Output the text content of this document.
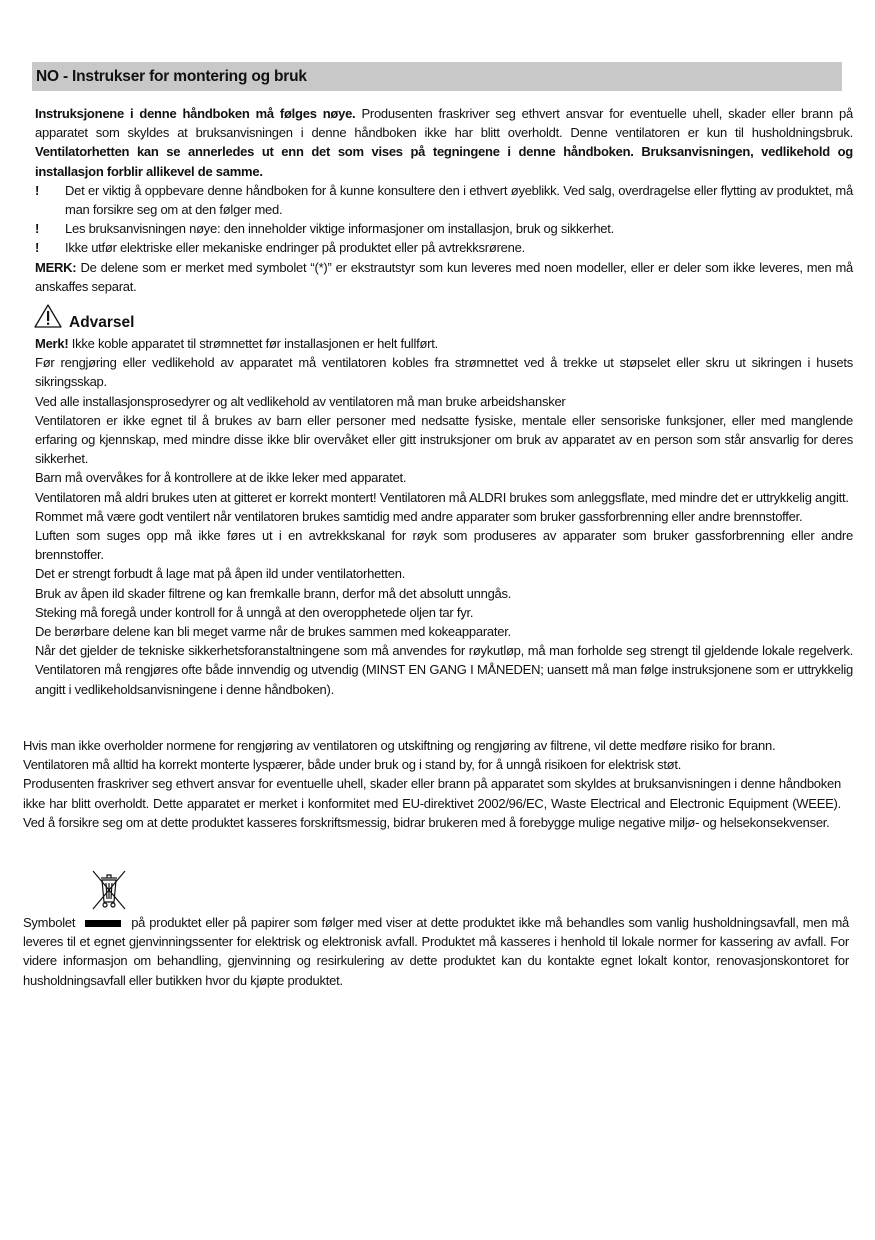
NO - Instrukser for montering og bruk

Instruksjonene i denne håndboken må følges nøye. Produsenten fraskriver seg ethvert ansvar for eventuelle uhell, skader eller brann på apparatet som skyldes at bruksanvisningen i denne håndboken ikke har blitt overholdt. Denne ventilatoren er kun til husholdningsbruk. Ventilatorhetten kan se annerledes ut enn det som vises på tegningene i denne håndboken. Bruksanvisningen, vedlikehold og installasjon forblir allikevel de samme.

!	Det er viktig å oppbevare denne håndboken for å kunne konsultere den i ethvert øyeblikk. Ved salg, overdragelse eller flytting av produktet, må man forsikre seg om at den følger med.
!	Les bruksanvisningen nøye: den inneholder viktige informasjoner om installasjon, bruk og sikkerhet.
!	Ikke utfør elektriske eller mekaniske endringer på produktet eller på avtrekksrørene.

MERK: De delene som er merket med symbolet “(*)” er ekstrautstyr som kun leveres med noen modeller, eller er deler som ikke leveres, men må anskaffes separat.

Advarsel

Merk! Ikke koble apparatet til strømnettet før installasjonen er helt fullført.

Før rengjøring eller vedlikehold av apparatet må ventilatoren kobles fra strømnettet ved å trekke ut støpselet eller skru ut sikringen i husets sikringsskap.

Ved alle installasjonsprosedyrer og alt vedlikehold av ventilatoren må man bruke arbeidshansker

Ventilatoren er ikke egnet til å brukes av barn eller personer med nedsatte fysiske, mentale eller sensoriske funksjoner, eller med manglende erfaring og kjennskap, med mindre disse ikke blir overvåket eller gitt instruksjoner om bruk av apparatet av en person som står ansvarlig for deres sikkerhet.

Barn må overvåkes for å kontrollere at de ikke leker med apparatet.

Ventilatoren må aldri brukes uten at gitteret er korrekt montert! Ventilatoren må ALDRI brukes som anleggsflate, med mindre det er uttrykkelig angitt.

Rommet må være godt ventilert når ventilatoren brukes samtidig med andre apparater som bruker gassforbrenning eller andre brennstoffer.

Luften som suges opp må ikke føres ut i en avtrekkskanal for røyk som produseres av apparater som bruker gassforbrenning eller andre brennstoffer.

Det er strengt forbudt å lage mat på åpen ild under ventilatorhetten.

Bruk av åpen ild skader filtrene og kan fremkalle brann, derfor må det absolutt unngås.

Steking må foregå under kontroll for å unngå at den overopphetede oljen tar fyr.

De berørbare delene kan bli meget varme når de brukes sammen med kokeapparater.

Når det gjelder de tekniske sikkerhetsforanstaltningene som må anvendes for røykutløp, må man forholde seg strengt til gjeldende lokale regelverk. Ventilatoren må rengjøres ofte både innvendig og utvendig (MINST EN GANG I MÅNEDEN; uansett må man følge instruksjonene som er uttrykkelig angitt i vedlikeholdsanvisningene i denne håndboken).

Hvis man ikke overholder normene for rengjøring av ventilatoren og utskiftning og rengjøring av filtrene, vil dette medføre risiko for brann.

Ventilatoren må alltid ha korrekt monterte lyspærer, både under bruk og i stand by, for å unngå risikoen for elektrisk støt.

Produsenten fraskriver seg ethvert ansvar for eventuelle uhell, skader eller brann på apparatet som skyldes at bruksanvisningen i denne håndboken ikke har blitt overholdt. Dette apparatet er merket i konformitet med EU-direktivet 2002/96/EC, Waste Electrical and Electronic Equipment (WEEE). Ved å forsikre seg om at dette produktet kasseres forskriftsmessig, bidrar brukeren med å forebygge mulige negative miljø- og helsekonsekvenser.

Symbolet	på produktet eller på papirer som følger med viser at dette produktet ikke må behandles som vanlig husholdningsavfall, men må leveres til et egnet gjenvinningssenter for elektrisk og elektronisk avfall. Produktet må kasseres i henhold til lokale normer for kassering av avfall. For videre informasjon om behandling, gjenvinning og resirkulering av dette produktet kan du kontakte egnet lokalt kontor, renovasjonskontoret for husholdningsavfall eller butikken hvor du kjøpte produktet.
